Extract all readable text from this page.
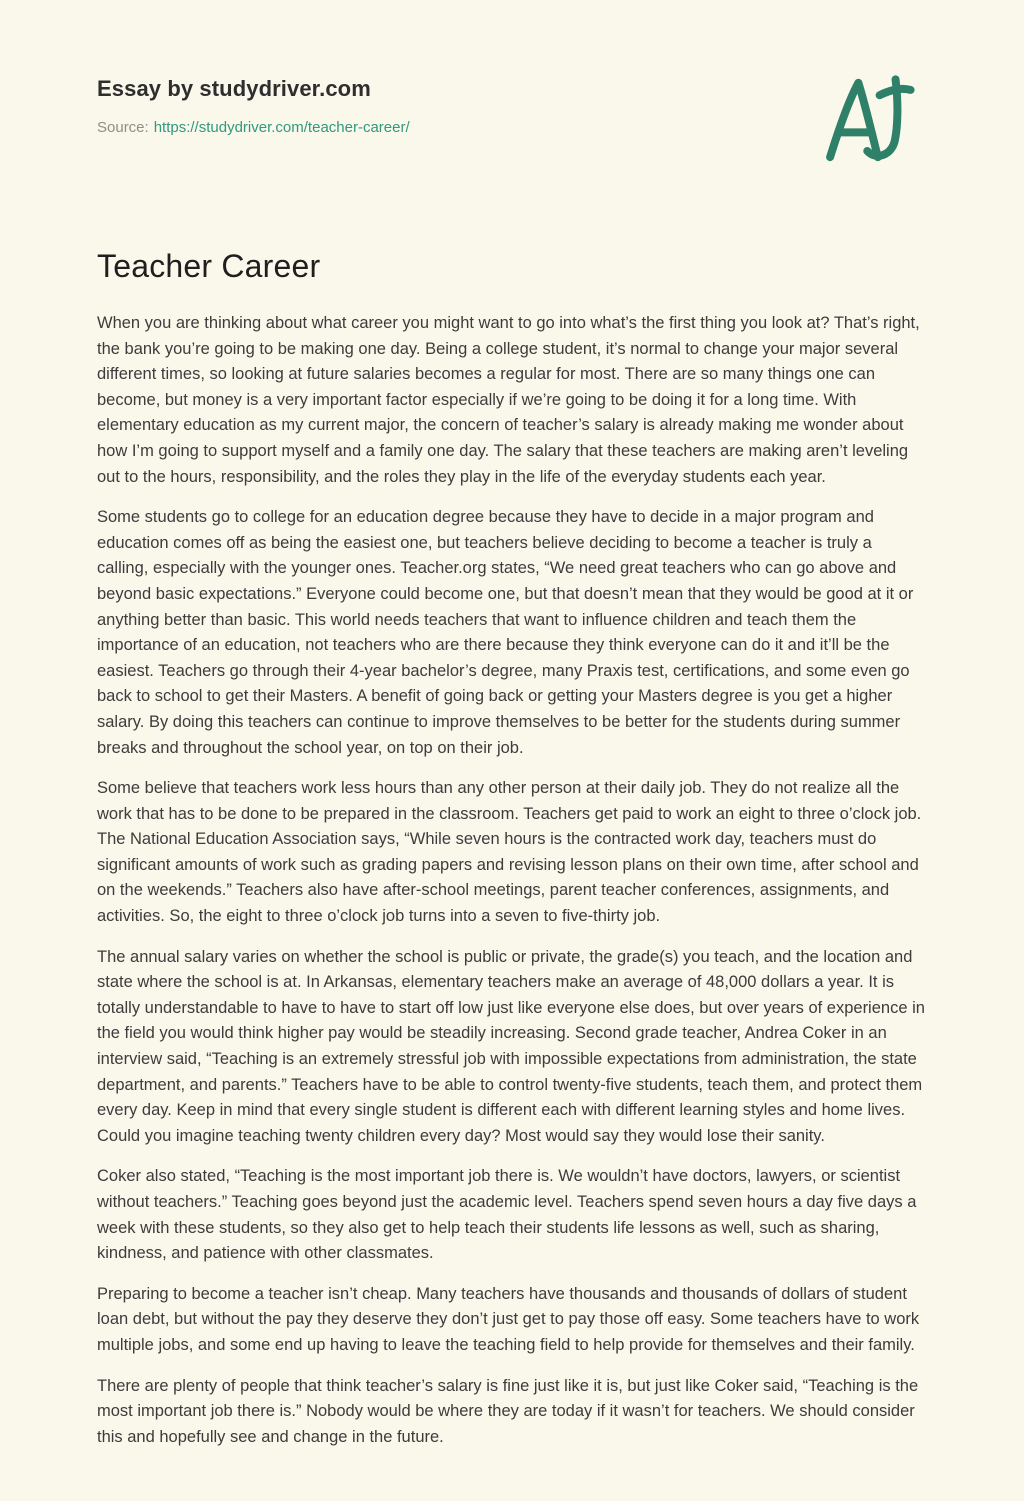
Essay by studydriver.com

Source: https://studydriver.com/teacher-career/

Teacher Career

When you are thinking about what career you might want to go into what’s the first thing you look at? That’s right, the bank you’re going to be making one day. Being a college student, it’s normal to change your major several different times, so looking at future salaries becomes a regular for most. There are so many things one can become, but money is a very important factor especially if we’re going to be doing it for a long time. With elementary education as my current major, the concern of teacher’s salary is already making me wonder about how I’m going to support myself and a family one day. The salary that these teachers are making aren’t leveling out to the hours, responsibility, and the roles they play in the life of the everyday students each year.

Some students go to college for an education degree because they have to decide in a major program and education comes off as being the easiest one, but teachers believe deciding to become a teacher is truly a calling, especially with the younger ones. Teacher.org states, “We need great teachers who can go above and beyond basic expectations.” Everyone could become one, but that doesn’t mean that they would be good at it or anything better than basic. This world needs teachers that want to influence children and teach them the importance of an education, not teachers who are there because they think everyone can do it and it’ll be the easiest. Teachers go through their 4-year bachelor’s degree, many Praxis test, certifications, and some even go back to school to get their Masters. A benefit of going back or getting your Masters degree is you get a higher salary. By doing this teachers can continue to improve themselves to be better for the students during summer breaks and throughout the school year, on top on their job.

Some believe that teachers work less hours than any other person at their daily job. They do not realize all the work that has to be done to be prepared in the classroom. Teachers get paid to work an eight to three o’clock job. The National Education Association says, “While seven hours is the contracted work day, teachers must do significant amounts of work such as grading papers and revising lesson plans on their own time, after school and on the weekends.” Teachers also have after-school meetings, parent teacher conferences, assignments, and activities. So, the eight to three o’clock job turns into a seven to five-thirty job.

The annual salary varies on whether the school is public or private, the grade(s) you teach, and the location and state where the school is at. In Arkansas, elementary teachers make an average of 48,000 dollars a year. It is totally understandable to have to have to start off low just like everyone else does, but over years of experience in the field you would think higher pay would be steadily increasing. Second grade teacher, Andrea Coker in an interview said, “Teaching is an extremely stressful job with impossible expectations from administration, the state department, and parents.” Teachers have to be able to control twenty-five students, teach them, and protect them every day. Keep in mind that every single student is different each with different learning styles and home lives. Could you imagine teaching twenty children every day? Most would say they would lose their sanity.

Coker also stated, “Teaching is the most important job there is. We wouldn’t have doctors, lawyers, or scientist without teachers.” Teaching goes beyond just the academic level. Teachers spend seven hours a day five days a week with these students, so they also get to help teach their students life lessons as well, such as sharing, kindness, and patience with other classmates.

Preparing to become a teacher isn’t cheap. Many teachers have thousands and thousands of dollars of student loan debt, but without the pay they deserve they don’t just get to pay those off easy. Some teachers have to work multiple jobs, and some end up having to leave the teaching field to help provide for themselves and their family.

There are plenty of people that think teacher’s salary is fine just like it is, but just like Coker said, “Teaching is the most important job there is.” Nobody would be where they are today if it wasn’t for teachers. We should consider this and hopefully see and change in the future.
